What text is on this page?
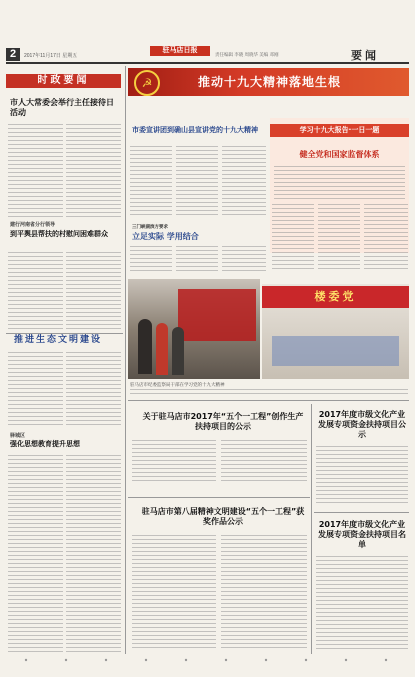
2	2017年11月17日 星期五
驻马店日报
责任编辑 李晓 周晓华 美编 邓刚	要 闻
时政要闻
市人大常委会举行主任接待日活动
建行河南省分行领导
到平舆县帮扶的村慰问困难群众
推进生态文明建设
驿城区
强化思想教育提升思想
☭	推动十九大精神落地生根
市委宣讲团到确山县宣讲党的十九大精神
三门峡湖滨方要求
立足实际 学用结合
学习十九大报告·一日一题
健全党和国家监督体系
楼委党
驻马店市纪委监察局干部在学习党的十九大精神
关于驻马店市2017年“五个一工程”创作生产扶持项目的公示
驻马店市第八届精神文明建设“五个一工程”获奖作品公示
2017年度市级文化产业发展专项资金扶持项目公示
2017年度市级文化产业发展专项资金扶持项目名单
